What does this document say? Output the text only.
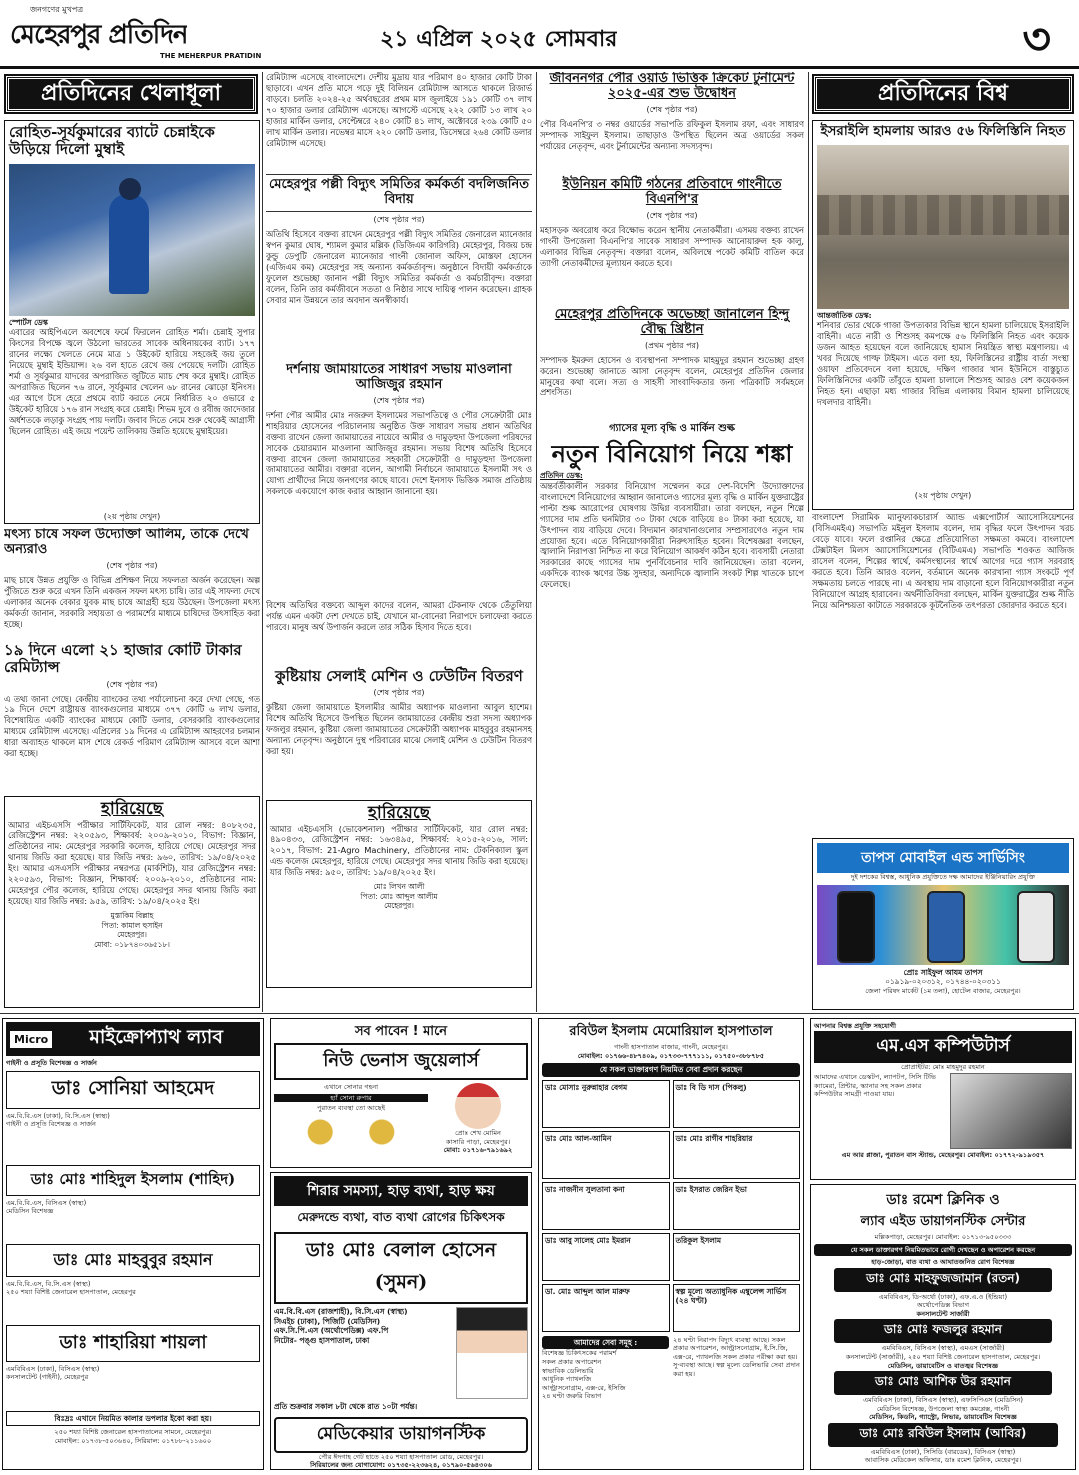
জনগণের মুখপত্র
মেহেরপুর প্রতিদিন
THE MEHERPUR PRATIDIN
২১ এপ্রিল ২০২৫ সোমবার	৩
প্রতিদিনের খেলাধূলা
রোহিত-সূর্যকুমারের ব্যাটে চেন্নাইকে উড়িয়ে দিলো মুম্বাই
স্পোর্টস ডেস্ক
এবারের আইপিএলে অবশেষে ফর্মে ফিরলেন রোহিত শর্মা। চেন্নাই সুপার কিংসের বিপক্ষে জ্বলে উঠলো ভারতের সাবেক অধিনায়কের ব্যাট। ১৭৭ রানের লক্ষ্যে খেলতে নেমে মাত্র ১ উইকেট হারিয়ে সহজেই জয় তুলে নিয়েছে মুম্বাই ইন্ডিয়ান্স। ২৬ বল হাতে রেখে জয় পেয়েছে দলটি। রোহিত শর্মা ও সূর্যকুমার যাদবের অপরাজিত জুটিতে ম্যাচ শেষ করে মুম্বাই। রোহিত অপরাজিত ছিলেন ৭৬ রানে, সূর্যকুমার খেলেন ৬৮ রানের ঝোড়ো ইনিংস। এর আগে টসে হেরে প্রথমে ব্যাট করতে নেমে নির্ধারিত ২০ ওভারে ৫ উইকেট হারিয়ে ১৭৬ রান সংগ্রহ করে চেন্নাই। শিভম দুবে ও রবীন্দ্র জাদেজার অর্ধশতকে লড়াকু সংগ্রহ পায় দলটি। জবাব দিতে নেমে শুরু থেকেই আগ্রাসী ছিলেন রোহিত। এই জয়ে পয়েন্ট তালিকায় উন্নতি হয়েছে মুম্বাইয়ের।
(২য় পৃষ্ঠায় দেখুন)
মৎস্য চাষে সফল উদ্যোক্তা আলিম, তাকে দেখে অন্যরাও
(শেষ পৃষ্ঠার পর)
মাছ চাষে উন্নত প্রযুক্তি ও বিভিন্ন প্রশিক্ষণ নিয়ে সফলতা অর্জন করেছেন। অল্প পুঁজিতে শুরু করে এখন তিনি একজন সফল মৎস্য চাষি। তার এই সাফল্য দেখে এলাকার অনেক বেকার যুবক মাছ চাষে আগ্রহী হয়ে উঠছেন। উপজেলা মৎস্য কর্মকর্তা জানান, সরকারি সহায়তা ও পরামর্শের মাধ্যমে চাষিদের উৎসাহিত করা হচ্ছে।
১৯ দিনে এলো ২১ হাজার কোটি টাকার রেমিট্যান্স
(শেষ পৃষ্ঠার পর)
এ তথ্য জানা গেছে। কেন্দ্রীয় ব্যাংকের তথ্য পর্যালোচনা করে দেখা গেছে, গত ১৯ দিনে দেশে রাষ্ট্রায়ত্ত ব্যাংকগুলোর মাধ্যমে ৩৭৭ কোটি ৬ লাখ ডলার, বিশেষায়িত একটি ব্যাংকের মাধ্যমে কোটি ডলার, বেসরকারি ব্যাংকগুলোর মাধ্যমে রেমিট্যান্স এসেছে। এপ্রিলের ১৯ দিনের এ রেমিট্যান্স আহরণের চলমান ধারা অব্যাহত থাকলে মাস শেষে রেকর্ড পরিমাণ রেমিট্যান্স আসবে বলে আশা করা হচ্ছে।
হারিয়েছে
আমার এইচএসসি পরীক্ষার সার্টিফিকেট, যার রোল নম্বর: ৪০৮২৩৫, রেজিস্ট্রেশন নম্বর: ২২০৫৯৩, শিক্ষাবর্ষ: ২০০৯-২০১০, বিভাগ: বিজ্ঞান, প্রতিষ্ঠানের নাম: মেহেরপুর সরকারি কলেজ, হারিয়ে গেছে। মেহেরপুর সদর থানায় জিডি করা হয়েছে। যার জিডি নম্বর: ৯৬০, তারিখ: ১৯/০৪/২০২৫ ইং। আমার এসএসসি পরীক্ষার নম্বরপত্র (মার্কশিট), যার রেজিস্ট্রেশন নম্বর: ২২০৫৯৩, বিভাগ: বিজ্ঞান, শিক্ষাবর্ষ: ২০০৯-২০১০, প্রতিষ্ঠানের নাম: মেহেরপুর পৌর কলেজ, হারিয়ে গেছে। মেহেরপুর সদর থানায় জিডি করা হয়েছে। যার জিডি নম্বর: ৯৫৯, তারিখ: ১৯/০৪/২০২৫ ইং।
মুস্তাকিম বিল্লাহ
পিতা: কামাল হুসাইন
মেহেরপুর।
মোবা: ০১৮৭৪০৩৬৫১৮।
রেমিট্যান্স এসেছে বাংলাদেশে। দেশীয় মুদ্রায় যার পরিমাণ ৪০ হাজার কোটি টাকা ছাড়াবে। এখন প্রতি মাসে গড়ে দুই বিলিয়ন রেমিট্যান্স আসতে থাকলে রিজার্ভ বাড়বে। চলতি ২০২৪-২৫ অর্থবছরের প্রথম মাস জুলাইয়ে ১৯১ কোটি ৩৭ লাখ ৭০ হাজার ডলার রেমিট্যান্স এসেছে। আগস্টে এসেছে ২২২ কোটি ১৩ লাখ ২০ হাজার মার্কিন ডলার, সেপ্টেম্বরে ২৪০ কোটি ৪১ লাখ, অক্টোবরে ২৩৯ কোটি ৫০ লাখ মার্কিন ডলার। নভেম্বর মাসে ২২০ কোটি ডলার, ডিসেম্বরে ২৬৪ কোটি ডলার রেমিট্যান্স এসেছে।
মেহেরপুর পল্লী বিদ্যুৎ সমিতির কর্মকর্তা বদলিজনিত বিদায়
(শেষ পৃষ্ঠার পর)
অতিথি হিসেবে বক্তব্য রাখেন মেহেরপুর পল্লী বিদ্যুৎ সমিতির জেনারেল ম্যানেজার স্বপন কুমার ঘোষ, শ্যামল কুমার মল্লিক (ডিজিএম কারিগরি) মেহেরপুর, বিজয় চন্দ্র কুন্ডু ডেপুটি জেনারেল ম্যানেজার গাংনী জোনাল অফিস, মোস্তফা হোসেন (এজিএম কম) মেহেরপুর সহ অন্যান্য কর্মকর্তাবৃন্দ। অনুষ্ঠানে বিদায়ী কর্মকর্তাকে ফুলেল শুভেচ্ছা জানান পল্লী বিদ্যুৎ সমিতির কর্মকর্তা ও কর্মচারীবৃন্দ। বক্তারা বলেন, তিনি তার কর্মজীবনে সততা ও নিষ্ঠার সাথে দায়িত্ব পালন করেছেন। গ্রাহক সেবার মান উন্নয়নে তার অবদান অনস্বীকার্য।
দর্শনায় জামায়াতের সাধারণ সভায় মাওলানা আজিজুর রহমান
(শেষ পৃষ্ঠার পর)
দর্শনা পৌর আমীর মোঃ নজরুল ইসলামের সভাপতিত্বে ও পৌর সেক্রেটারী মোঃ শাহরিয়ার হোসেনের পরিচালনায় অনুষ্ঠিত উক্ত সাধারণ সভায় প্রধান অতিথির বক্তব্য রাখেন জেলা জামায়াতের নায়েবে আমীর ও দামুড়হুদা উপজেলা পরিষদের সাবেক চেয়ারম্যান মাওলানা আজিজুর রহমান। সভায় বিশেষ অতিথি হিসেবে বক্তব্য রাখেন জেলা জামায়াতের সহকারী সেক্রেটারী ও দামুড়হুদা উপজেলা জামায়াতের আমীর। বক্তারা বলেন, আগামী নির্বাচনে জামায়াতে ইসলামী সৎ ও যোগ্য প্রার্থীদের নিয়ে জনগণের কাছে যাবে। দেশে ইনসাফ ভিত্তিক সমাজ প্রতিষ্ঠায় সকলকে একযোগে কাজ করার আহ্বান জানানো হয়।
বিশেষ অতিথির বক্তব্যে আব্দুল কাদের বলেন, আমরা টেকনাফ থেকে তেঁতুলিয়া পর্যন্ত এমন একটা দেশ দেখতে চাই, যেখানে মা-বোনেরা নিরাপদে চলাফেরা করতে পারবে। মানুষ অর্থ উপার্জন করলে তার সঠিক হিসাব দিতে হবে।
কুষ্টিয়ায় সেলাই মেশিন ও ঢেউটিন বিতরণ
(শেষ পৃষ্ঠার পর)
কুষ্টিয়া জেলা জামায়াতে ইসলামীর আমীর অধ্যাপক মাওলানা আবুল হাশেম। বিশেষ অতিথি হিসেবে উপস্থিত ছিলেন জামায়াতের কেন্দ্রীয় শুরা সদস্য অধ্যাপক ফজলুর রহমান, কুষ্টিয়া জেলা জামায়াতের সেক্রেটারী অধ্যাপক মাহবুবুর রহমানসহ অন্যান্য নেতৃবৃন্দ। অনুষ্ঠানে দুস্থ পরিবারের মাঝে সেলাই মেশিন ও ঢেউটিন বিতরণ করা হয়।
হারিয়েছে
আমার এইচএসসি (ভোকেশনাল) পরীক্ষার সার্টিফিকেট, যার রোল নম্বর: ৪৯০৪৩৩, রেজিস্ট্রেশন নম্বর: ১৬৩৪৯৫, শিক্ষাবর্ষ: ২০১৫-২০১৬, সাল: ২০১৭, বিভাগ: 21-Agro Machinery, প্রতিষ্ঠানের নাম: টেকনিক্যাল স্কুল এন্ড কলেজ মেহেরপুর, হারিয়ে গেছে। মেহেরপুর সদর থানায় জিডি করা হয়েছে। যার জিডি নম্বর: ৯৫০, তারিখ: ১৯/০৪/২০২৫ ইং।
মোঃ লিখন আলী
পিতা: মোঃ আব্দুল আলীম
মেহেরপুর।
জীবননগর পৌর ওয়ার্ড ভিত্তিক ক্রিকেট টুর্নামেন্ট ২০২৫-এর শুভ উদ্বোধন
(শেষ পৃষ্ঠার পর)
পৌর বিএনপি'র ৩ নম্বর ওয়ার্ডের সভাপতি রফিকুল ইসলাম রফা, এবং সাধারণ সম্পাদক সাইফুল ইসলাম। তাছাড়াও উপস্থিত ছিলেন অত্র ওয়ার্ডের সকল পর্যায়ের নেতৃবৃন্দ, এবং টুর্নামেন্টের অন্যান্য সদস্যবৃন্দ।
ইউনিয়ন কমিটি গঠনের প্রতিবাদে গাংনীতে বিএনপি'র
(শেষ পৃষ্ঠার পর)
মহাসড়ক অবরোধ করে বিক্ষোভ করেন স্থানীয় নেতাকর্মীরা। এসময় বক্তব্য রাখেন গাংনী উপজেলা বিএনপি'র সাবেক সাধারণ সম্পাদক আনোয়ারুল হক কালু, এলাকার বিভিন্ন নেতৃবৃন্দ। বক্তারা বলেন, অবিলম্বে পকেট কমিটি বাতিল করে ত্যাগী নেতাকর্মীদের মূল্যায়ন করতে হবে।
মেহেরপুর প্রতিদিনকে অভেচ্ছা জানালেন হিন্দু বৌদ্ধ খ্রিষ্টান
(প্রথম পৃষ্ঠার পর)
সম্পাদক ইমরুল হোসেন ও ব্যবস্থাপনা সম্পাদক মাহমুদুর রহমান শুভেচ্ছা গ্রহণ করেন। শুভেচ্ছা জানাতে আসা নেতৃবৃন্দ বলেন, মেহেরপুর প্রতিদিন জেলার মানুষের কথা বলে। সত্য ও সাহসী সাংবাদিকতার জন্য পত্রিকাটি সর্বমহলে প্রশংসিত।
গ্যাসের মূল্য বৃদ্ধি ও মার্কিন শুল্ক
নতুন বিনিয়োগ নিয়ে শঙ্কা
প্রতিদিন ডেস্ক:
অন্তর্বর্তীকালীন সরকার বিনিয়োগ সম্মেলন করে দেশ-বিদেশি উদ্যোক্তাদের বাংলাদেশে বিনিয়োগের আহ্বান জানালেও গ্যাসের মূল্য বৃদ্ধি ও মার্কিন যুক্তরাষ্ট্রের পাল্টা শুল্ক আরোপের ঘোষণায় উদ্বিগ্ন ব্যবসায়ীরা। তারা বলছেন, নতুন শিল্পে গ্যাসের দাম প্রতি ঘনমিটার ৩০ টাকা থেকে বাড়িয়ে ৪০ টাকা করা হয়েছে, যা উৎপাদন ব্যয় বাড়িয়ে দেবে। বিদ্যমান কারখানাগুলোর সম্প্রসারণেও নতুন দাম প্রযোজ্য হবে। এতে বিনিয়োগকারীরা নিরুৎসাহিত হবেন। বিশেষজ্ঞরা বলছেন, জ্বালানি নিরাপত্তা নিশ্চিত না করে বিনিয়োগ আকর্ষণ কঠিন হবে। ব্যবসায়ী নেতারা সরকারের কাছে গ্যাসের দাম পুনর্বিবেচনার দাবি জানিয়েছেন। তারা বলেন, একদিকে ব্যাংক ঋণের উচ্চ সুদহার, অন্যদিকে জ্বালানি সংকট শিল্প খাতকে চাপে ফেলেছে।
প্রতিদিনের বিশ্ব
ইসরাইলি হামলায় আরও ৫৬ ফিলিস্তিনি নিহত
আন্তর্জাতিক ডেস্ক:
শনিবার ভোর থেকে গাজা উপত্যকার বিভিন্ন স্থানে হামলা চালিয়েছে ইসরাইলি বাহিনী। এতে নারী ও শিশুসহ কমপক্ষে ৫৬ ফিলিস্তিনি নিহত এবং কয়েক ডজন আহত হয়েছেন বলে জানিয়েছে হামাস নিয়ন্ত্রিত স্বাস্থ্য মন্ত্রণালয়। এ খবর দিয়েছে গাল্ফ টাইমস। এতে বলা হয়, ফিলিস্তিনের রাষ্ট্রীয় বার্তা সংস্থা ওয়াফা প্রতিবেদনে বলা হয়েছে, দক্ষিণ গাজার খান ইউনিসে বাস্তুচ্যুত ফিলিস্তিনিদের একটি তাঁবুতে হামলা চালালে শিশুসহ আরও বেশ কয়েকজন নিহত হন। এছাড়া মধ্য গাজার বিভিন্ন এলাকায় বিমান হামলা চালিয়েছে দখলদার বাহিনী।
(২য় পৃষ্ঠায় দেখুন)
বাংলাদেশ সিরামিক ম্যানুফ্যাকচারার্স অ্যান্ড এক্সপোর্টার্স অ্যাসোসিয়েশনের (বিসিএমইএ) সভাপতি মইনুল ইসলাম বলেন, দাম বৃদ্ধির ফলে উৎপাদন খরচ বেড়ে যাবে। ফলে রপ্তানির ক্ষেত্রে প্রতিযোগিতা সক্ষমতা কমবে। বাংলাদেশ টেক্সটাইল মিলস অ্যাসোসিয়েশনের (বিটিএমএ) সভাপতি শওকত আজিজ রাসেল বলেন, শিল্পের স্বার্থে, কর্মসংস্থানের স্বার্থে আগের দরে গ্যাস সরবরাহ করতে হবে। তিনি আরও বলেন, বর্তমানে অনেক কারখানা গ্যাস সংকটে পূর্ণ সক্ষমতায় চলতে পারছে না। এ অবস্থায় দাম বাড়ানো হলে বিনিয়োগকারীরা নতুন বিনিয়োগে আগ্রহ হারাবেন। অর্থনীতিবিদরা বলছেন, মার্কিন যুক্তরাষ্ট্রের শুল্ক নীতি নিয়ে অনিশ্চয়তা কাটাতে সরকারকে কূটনৈতিক তৎপরতা জোরদার করতে হবে।
তাপস মোবাইল এন্ড সার্ভিসিং
দুই দশকের বিশ্বস্ত, আধুনিক প্রযুক্তিতে দক্ষ আমাদের ইঞ্জিনিয়ারিং প্রযুক্তি
প্রোঃ সাইফুল আযম তাপস
০১৯১৯-০২০৩১২, ০১৭৪৪-০২০৩১১
জেলা পরিষদ মার্কেট (১ম তলা), হোটেল বাজার, মেহেরপুর।
Micro	মাইক্রোপ্যাথ ল্যাব
গাইনী ও প্রসূতি বিশেষজ্ঞ ও সার্জন
ডাঃ সোনিয়া আহমেদ
এম.বি.বি.এস (ঢাকা), বি.সি.এস (স্বাস্থ্য)
গাইনী ও প্রসূতি বিশেষজ্ঞ ও সার্জন
ডাঃ মোঃ শাহিদুল ইসলাম (শাহিদ)
এম.বি.বি.এস, বিসিএস (স্বাস্থ্য)
মেডিসিন বিশেষজ্ঞ
ডাঃ মোঃ মাহবুবুর রহমান
এম.বি.বি.এস, বি.সি.এস (স্বাস্থ্য)
২৫০ শয্যা বিশিষ্ট জেনারেল হাসপাতাল, মেহেরপুর
ডাঃ শাহারিয়া শায়লা
এমবিবিএস (ঢাকা), বিসিএস (স্বাস্থ্য)
কনসালটেন্ট (গাইনী), মেহেরপুর
বিঃদ্রঃ এখানে নিয়মিত কালার ডপলার ইকো করা হয়।
২৫০ শয্যা বিশিষ্ট জেনারেল হাসপাতালের সামনে, মেহেরপুর।
মোবাইল: ০১৭৩৮-৫০৩৬৪০, সিরিয়াল: ০১৭৮৮-২১১৬০০
সব পাবেন ! মানে
নিউ ভেনাস জুয়েলার্স
এখানে সোনার গহনা
হ্যাঁ সোনা রুপার
পুরাতন ব্যবস্থা তো আছেই
প্রোঃ শেখ মোমিন
কাসারি পাড়া, মেহেরপুর।
মোবা: ০১৭১৬-৭৯১৬৯২
শিরার সমস্যা, হাড় ব্যথা, হাড় ক্ষয়
মেরুদন্ডে ব্যথা, বাত ব্যথা রোগের চিকিৎসক
ডাঃ মোঃ বেলাল হোসেন (সুমন)
এম.বি.বি.এস (রাজশাহী), বি.সি.এস (স্বাস্থ্য)
সিএইচ (ঢাকা), পিজিটি (মেডিসিন)
এফ.সি.পি.এস (অর্থোপেডিক্স) এফ.পি
নিটোর- পঙ্গু হাসপাতাল, ঢাকা
প্রতি শুক্রবার সকাল ৮টা থেকে রাত ১০টা পর্যন্ত।
মেডিকেয়ার ডায়াগনস্টিক
পৌর ঈদগাহ গেট হাতে ২৫০ শয্যা হাসপাতাল রোড, মেহেরপুর।
সিরিয়ালের জন্য যোগাযোগ: ০১৭৩৫-২২৩৬২৪, ০১৭৯০-৫৬৪৩০৬
রবিউল ইসলাম মেমোরিয়াল হাসপাতাল
গাংনী হাসপাতাল বাজার, গাংনী, মেহেরপুর।
মোবাইল: ০১৭৬৬-৪৮৭৪০৯, ০১৭৩৩-৭৭৭১১১, ০১৭৫০-৩৮৮৭৮৫
যে সকল ডাক্তারগণ নিয়মিত সেবা প্রদান করছেন
ডাঃ মোসাঃ নুরুন্নাহার বেগম	ডাঃ বি ডি দাস (পিকলু)
ডাঃ মোঃ আল-আমিন	ডাঃ মোঃ রাগীব শাহরিয়ার
ডাঃ নাজনীন সুলতানা কনা	ডাঃ ইসরাত জেরিন ইভা
ডাঃ আবু সালেহ মোঃ ইমরান	তরিকুল ইসলাম
ডা. মোঃ আব্দুল আল মারুফ	স্বল্প মূল্যে অত্যাধুনিক এম্বুলেন্স সার্ভিস (২৪ ঘণ্টা)
আমাদের সেবা সমূহ :
বিশেষজ্ঞ চিকিৎসকের পরামর্শ
সকল প্রকার অপারেশন
স্বাভাবিক ডেলিভারি
আধুনিক প্যাথলজি
আল্ট্রাসনোগ্রাম, এক্স-রে, ইসিজি
২৪ ঘণ্টা জরুরি বিভাগ
২৪ ঘণ্টা নিরাপদ বিদ্যুৎ ব্যবস্থা আছে। সকল প্রকার অপারেশন, আল্ট্রাসনোগ্রাম, ই.সি.জি, এক্স-রে, প্যাথলজি সকল প্রকার পরীক্ষা করা হয়। সু-ব্যবস্থা আছে। স্বল্প মূল্যে ডেলিভারি সেবা প্রদান করা হয়।
আপনার বিশ্বস্ত প্রযুক্তি সহযোগী
এম.এস কম্পিউটার্স
প্রোপ্রাইটর: মোঃ মাহমুদুর রহমান
আমাদের এখানে ডেস্কটপ, ল্যাপটপ, সিসি টিভি ক্যামেরা, প্রিন্টার, স্ক্যানার সহ সকল প্রকার কম্পিউটার সামগ্রী পাওয়া যায়।
এম আর প্লাজা, পুরাতন বাস স্ট্যান্ড, মেহেরপুর। মোবাইল: ০১৭৭২-৯১৯৩৫৭
ডাঃ রমেশ ক্লিনিক ও
ল্যাব এইড ডায়াগনস্টিক সেন্টার
মল্লিকপাড়া, মেহেরপুর। মোবাইল: ০১৭১৩-৯৫০৩৩৩
যে সকল ডাক্তারগণ নিয়মিতভাবে রোগী দেখছেন ও অপারেশন করছেন
হাড়-জোড়া, বাত ব্যথা ও আঘাতজনিত রোগ বিশেষজ্ঞ
ডাঃ মোঃ মাহফুজজামান (রতন)
এমবিবিএস, ডি-অর্থো (ঢাকা), এফ.এ.ও (ইন্ডিয়া)
অর্থোপেডিক্স বিভাগ
কনসালটেন্ট সার্জারী
ডাঃ মোঃ ফজলুর রহমান
এমবিবিএস, বিসিএস (স্বাস্থ্য), এমএস (সার্জারী)
কনসালটেন্ট (সার্জারী), ২৫০ শয্যা বিশিষ্ট জেনারেল হাসপাতাল, মেহেরপুর।
মেডিসিন, ডায়াবেটিস ও বাতজ্বর বিশেষজ্ঞ
ডাঃ মোঃ আশিক উর রহমান
এমবিবিএস (ঢাকা), বিসিএস (স্বাস্থ্য), এফসিপিএস (মেডিসিন)
মেডিসিন বিশেষজ্ঞ, উপজেলা স্বাস্থ্য কমপ্লেক্স, গাংনী
মেডিসিন, কিডনি, গ্যাস্ট্রো, লিভার, ডায়াবেটিস বিশেষজ্ঞ
ডাঃ মোঃ রবিউল ইসলাম (আবির)
এমবিবিএস (ঢাকা), সিসিডি (বারডেম), বিসিএস (স্বাস্থ্য)
আবাসিক মেডিকেল অফিসার, ডাঃ রমেশ ক্লিনিক, মেহেরপুর।
